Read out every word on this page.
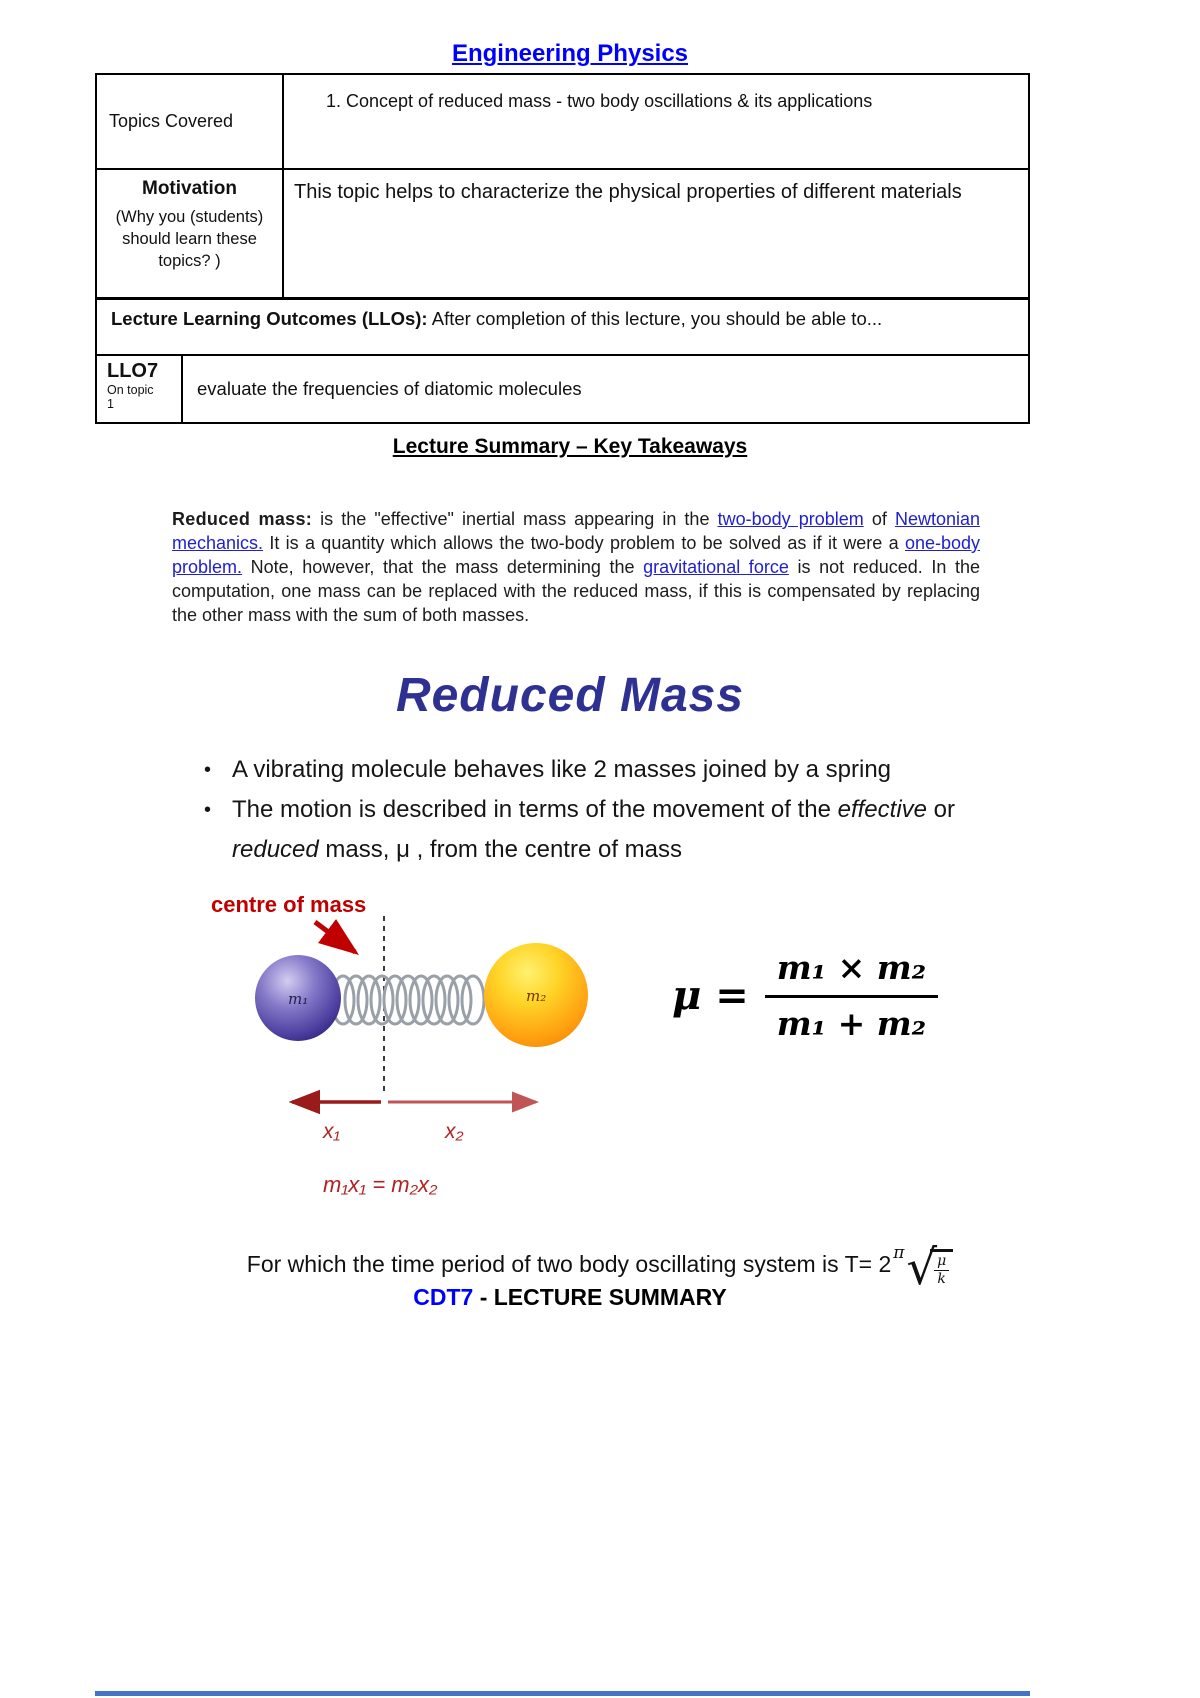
Engineering Physics
Topics Covered
1. Concept of reduced mass - two body oscillations & its applications
Motivation
(Why you (students) should learn these topics? )
This topic helps to characterize the physical properties of different materials
Lecture Learning Outcomes (LLOs): After completion of this lecture, you should be able to...
LLO7
On topic
1
evaluate the frequencies of diatomic molecules
Lecture Summary – Key Takeaways

Reduced mass: is the "effective" inertial mass appearing in the two-body problem of Newtonian mechanics. It is a quantity which allows the two-body problem to be solved as if it were a one-body problem. Note, however, that the mass determining the gravitational force is not reduced. In the computation, one mass can be replaced with the reduced mass, if this is compensated by replacing the other mass with the sum of both masses.

Reduced Mass
• A vibrating molecule behaves like 2 masses joined by a spring
• The motion is described in terms of the movement of the effective or reduced mass, μ , from the centre of mass
centre of mass
m₁	m₂
x₁	x₂
m₁x₁ = m₂x₂
$\mu = \frac{\text{m₁ × m₂}}{\text{m₁ + m₂}}$
For which the time period of two body oscillating system is T= 2 $^\pi$ √
$\frac{\mu}{k}$
CDT7 - LECTURE SUMMARY
